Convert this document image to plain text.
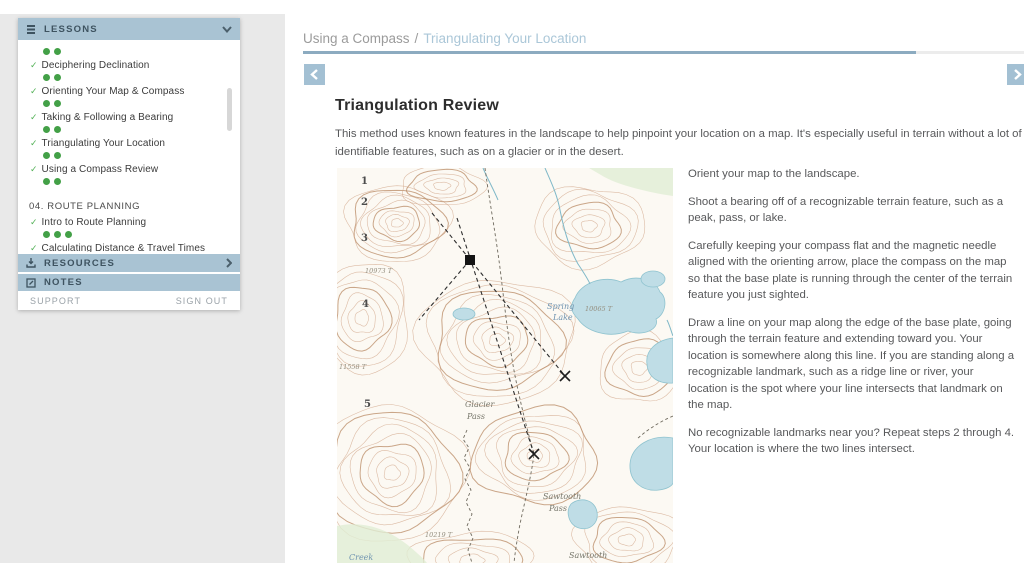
Using a Compass / Triangulating Your Location
Triangulation Review

This method uses known features in the landscape to help pinpoint your location on a map. It's especially useful in terrain without a lot of identifiable features, such as on a glacier or in the desert.

Orient your map to the landscape.

Shoot a bearing off of a recognizable terrain feature, such as a peak, pass, or lake.

Carefully keeping your compass flat and the magnetic needle aligned with the orienting arrow, place the compass on the map so that the base plate is running through the center of the terrain feature you just sighted.

Draw a line on your map along the edge of the base plate, going through the terrain feature and extending toward you. Your location is somewhere along this line. If you are standing along a recognizable landmark, such as a ridge line or river, your location is the spot where your line intersects that landmark on the map.

No recognizable landmarks near you? Repeat steps 2 through 4. Your location is where the two lines intersect.

1
2
3
4
5
10973 T
10065 T
11558 T
10219 T
Spring
Lake
Glacier
Pass
Sawtooth
Pass
Sawtooth
Creek
LESSONS
✓ Deciphering Declination
✓ Orienting Your Map & Compass
✓ Taking & Following a Bearing
✓ Triangulating Your Location
✓ Using a Compass Review
04. ROUTE PLANNING
✓ Intro to Route Planning
✓ Calculating Distance & Travel Times
RESOURCES
NOTES
SUPPORT	SIGN OUT
